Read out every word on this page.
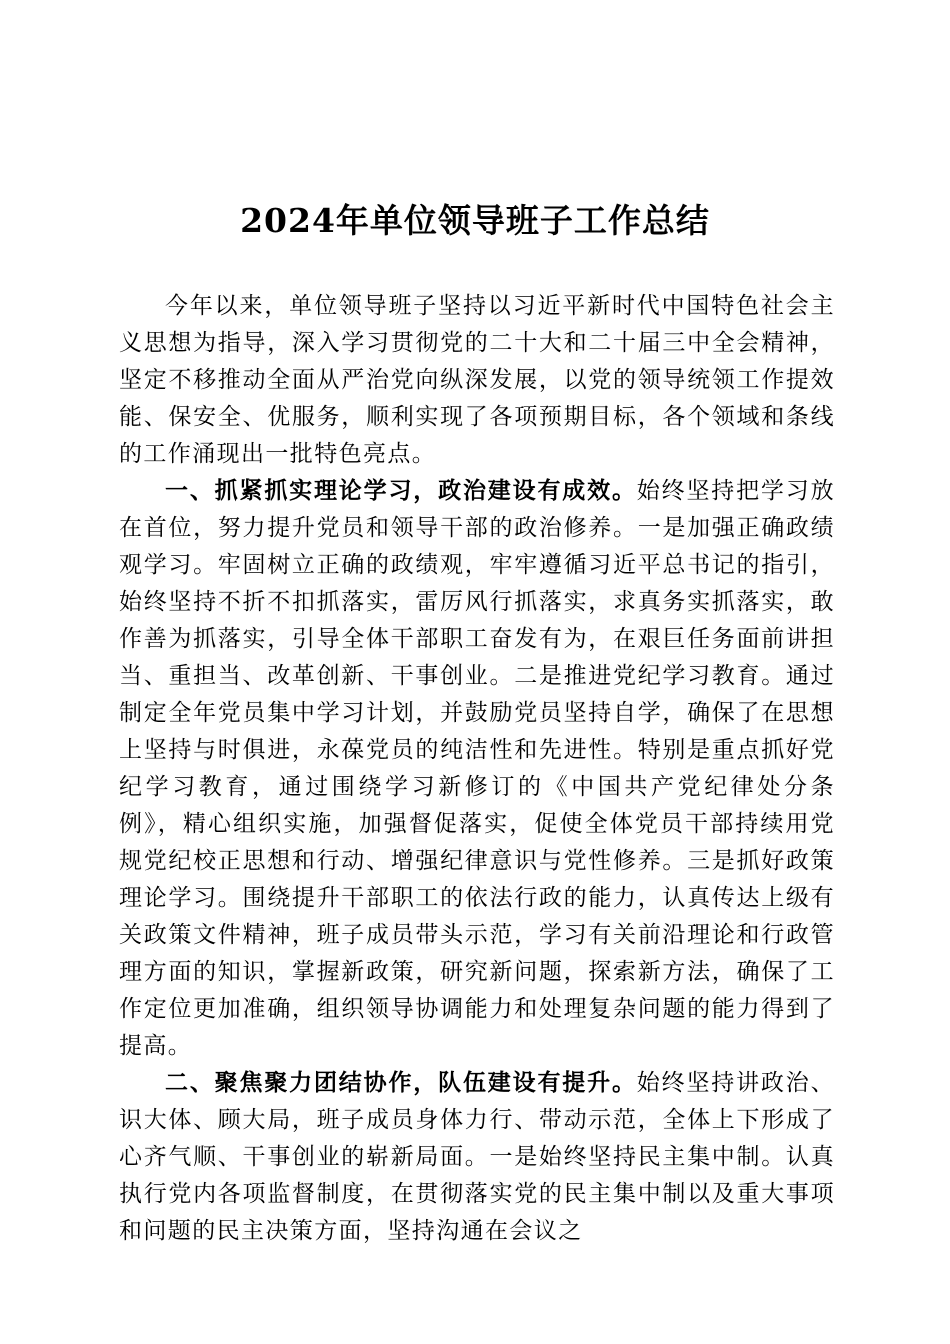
2024年单位领导班子工作总结

今年以来，单位领导班子坚持以习近平新时代中国特色社会主义思想为指导，深入学习贯彻党的二十大和二十届三中全会精神，坚定不移推动全面从严治党向纵深发展，以党的领导统领工作提效能、保安全、优服务，顺利实现了各项预期目标，各个领域和条线的工作涌现出一批特色亮点。

一、抓紧抓实理论学习，政治建设有成效。始终坚持把学习放在首位，努力提升党员和领导干部的政治修养。一是加强正确政绩观学习。牢固树立正确的政绩观，牢牢遵循习近平总书记的指引，始终坚持不折不扣抓落实，雷厉风行抓落实，求真务实抓落实，敢作善为抓落实，引导全体干部职工奋发有为，在艰巨任务面前讲担当、重担当、改革创新、干事创业。二是推进党纪学习教育。通过制定全年党员集中学习计划，并鼓励党员坚持自学，确保了在思想上坚持与时俱进，永葆党员的纯洁性和先进性。特别是重点抓好党纪学习教育，通过围绕学习新修订的《中国共产党纪律处分条例》，精心组织实施，加强督促落实，促使全体党员干部持续用党规党纪校正思想和行动、增强纪律意识与党性修养。三是抓好政策理论学习。围绕提升干部职工的依法行政的能力，认真传达上级有关政策文件精神，班子成员带头示范，学习有关前沿理论和行政管理方面的知识，掌握新政策，研究新问题，探索新方法，确保了工作定位更加准确，组织领导协调能力和处理复杂问题的能力得到了提高。

二、聚焦聚力团结协作，队伍建设有提升。始终坚持讲政治、识大体、顾大局，班子成员身体力行、带动示范，全体上下形成了心齐气顺、干事创业的崭新局面。一是始终坚持民主集中制。认真执行党内各项监督制度，在贯彻落实党的民主集中制以及重大事项和问题的民主决策方面，坚持沟通在会议之
